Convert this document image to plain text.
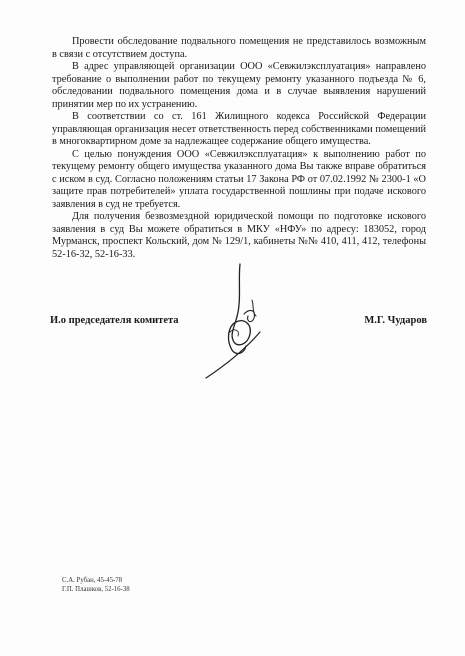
Провести обследование подвального помещения не представилось возможным в связи с отсутствием доступа.

В адрес управляющей организации ООО «Севжилэксплуатация» направлено требование о выполнении работ по текущему ремонту указанного подъезда № 6, обследовании подвального помещения дома и в случае выявления нарушений принятии мер по их устранению.

В соответствии со ст. 161 Жилищного кодекса Российской Федерации управляющая организация несет ответственность перед собственниками помещений в многоквартирном доме за надлежащее содержание общего имущества.

С целью понуждения ООО «Севжилэксплуатация» к выполнению работ по текущему ремонту общего имущества указанного дома Вы также вправе обратиться с иском в суд. Согласно положениям статьи 17 Закона РФ от 07.02.1992 № 2300-1 «О защите прав потребителей» уплата государственной пошлины при подаче искового заявления в суд не требуется.

Для получения безвозмездной юридической помощи по подготовке искового заявления в суд Вы можете обратиться в МКУ «НФУ» по адресу: 183052, город Мурманск, проспект Кольский, дом № 129/1, кабинеты №№ 410, 411, 412, телефоны 52-16-32, 52-16-33.

И.о председателя комитета	М.Г. Чударов
С.А. Рубан, 45-45-78
Г.П. Плашков, 52-16-38
